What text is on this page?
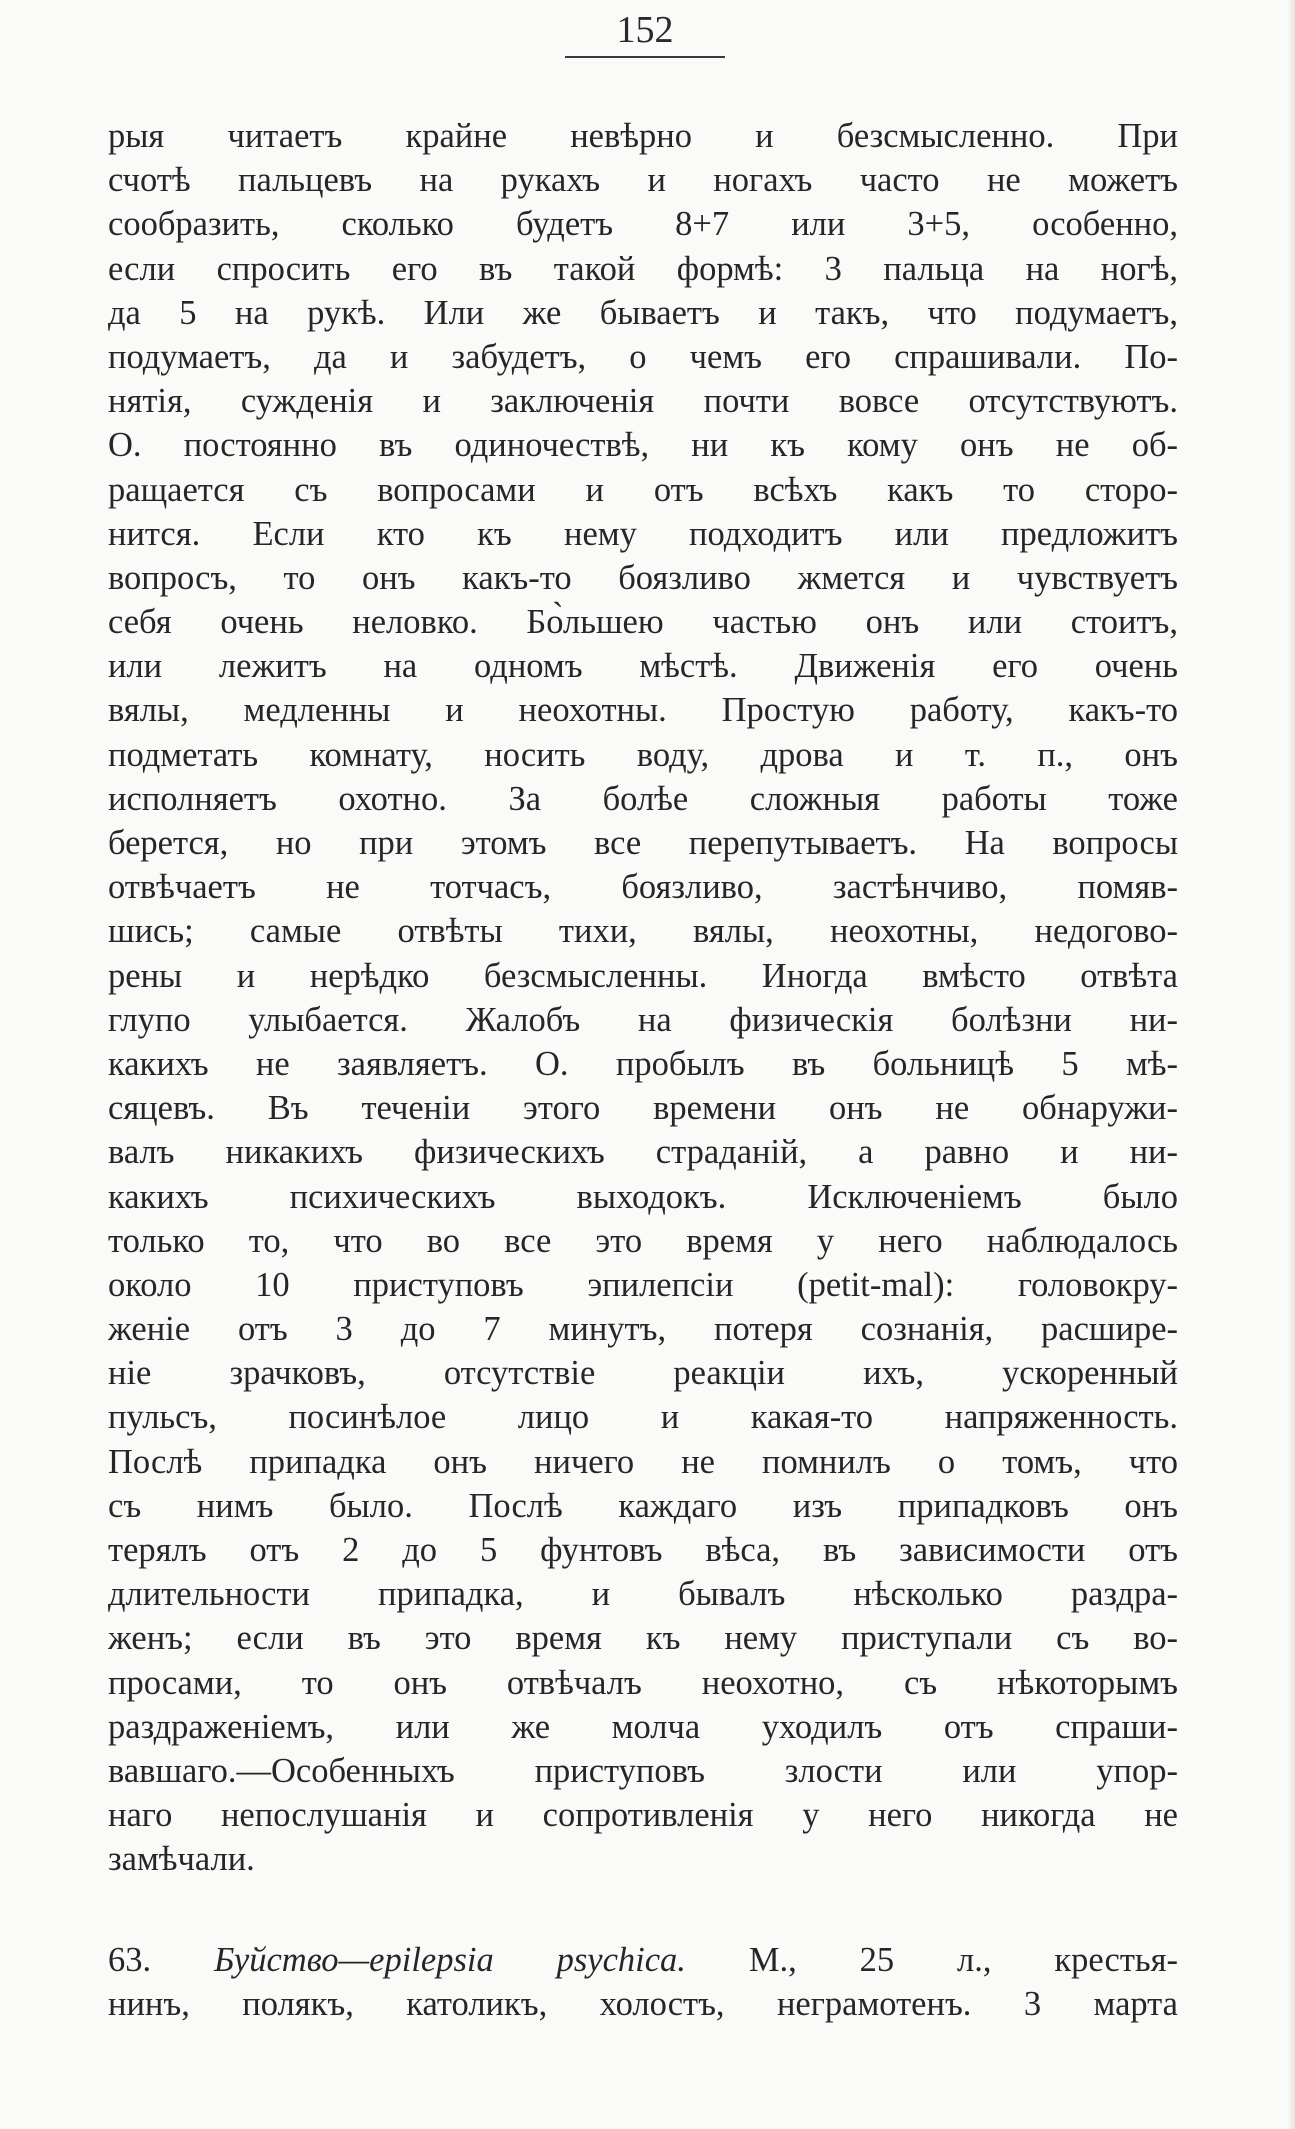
152
рыя читаетъ крайне невѣрно и безсмысленно. При
счотѣ пальцевъ на рукахъ и ногахъ часто не можетъ
сообразить, сколько будетъ 8+7 или 3+5, особенно,
если спросить его въ такой формѣ: 3 пальца на ногѣ,
да 5 на рукѣ. Или же бываетъ и такъ, что подумаетъ,
подумаетъ, да и забудетъ, о чемъ его спрашивали. По-
нятія, сужденія и заключенія почти вовсе отсутствуютъ.
О. постоянно въ одиночествѣ, ни къ кому онъ не об-
ращается съ вопросами и отъ всѣхъ какъ то сторо-
нится. Если кто къ нему подходитъ или предложитъ
вопросъ, то онъ какъ-то боязливо жмется и чувствуетъ
себя очень неловко. Бо̀льшею частью онъ или стоитъ,
или лежитъ на одномъ мѣстѣ. Движенія его очень
вялы, медленны и неохотны. Простую работу, какъ-то
подметать комнату, носить воду, дрова и т. п., онъ
исполняетъ охотно. За болѣе сложныя работы тоже
берется, но при этомъ все перепутываетъ. На вопросы
отвѣчаетъ не тотчасъ, боязливо, застѣнчиво, помяв-
шись; самые отвѣты тихи, вялы, неохотны, недогово-
рены и нерѣдко безсмысленны. Иногда вмѣсто отвѣта
глупо улыбается. Жалобъ на физическія болѣзни ни-
какихъ не заявляетъ. О. пробылъ въ больницѣ 5 мѣ-
сяцевъ. Въ теченіи этого времени онъ не обнаружи-
валъ никакихъ физическихъ страданій, а равно и ни-
какихъ психическихъ выходокъ. Исключеніемъ было
только то, что во все это время у него наблюдалось
около 10 приступовъ эпилепсіи (petit-mal): головокру-
женіе отъ 3 до 7 минутъ, потеря сознанія, расшире-
ніе зрачковъ, отсутствіе реакціи ихъ, ускоренный
пульсъ, посинѣлое лицо и какая-то напряженность.
Послѣ припадка онъ ничего не помнилъ о томъ, что
съ нимъ было. Послѣ каждаго изъ припадковъ онъ
терялъ отъ 2 до 5 фунтовъ вѣса, въ зависимости отъ
длительности припадка, и бывалъ нѣсколько раздра-
женъ; если въ это время къ нему приступали съ во-
просами, то онъ отвѣчалъ неохотно, съ нѣкоторымъ
раздраженіемъ, или же молча уходилъ отъ спраши-
вавшаго.—Особенныхъ приступовъ злости или упор-
наго непослушанія и сопротивленія у него никогда не
замѣчали.
63. Буйство—epilepsia psychica. М., 25 л., крестья-
нинъ, полякъ, католикъ, холостъ, неграмотенъ. 3 марта
